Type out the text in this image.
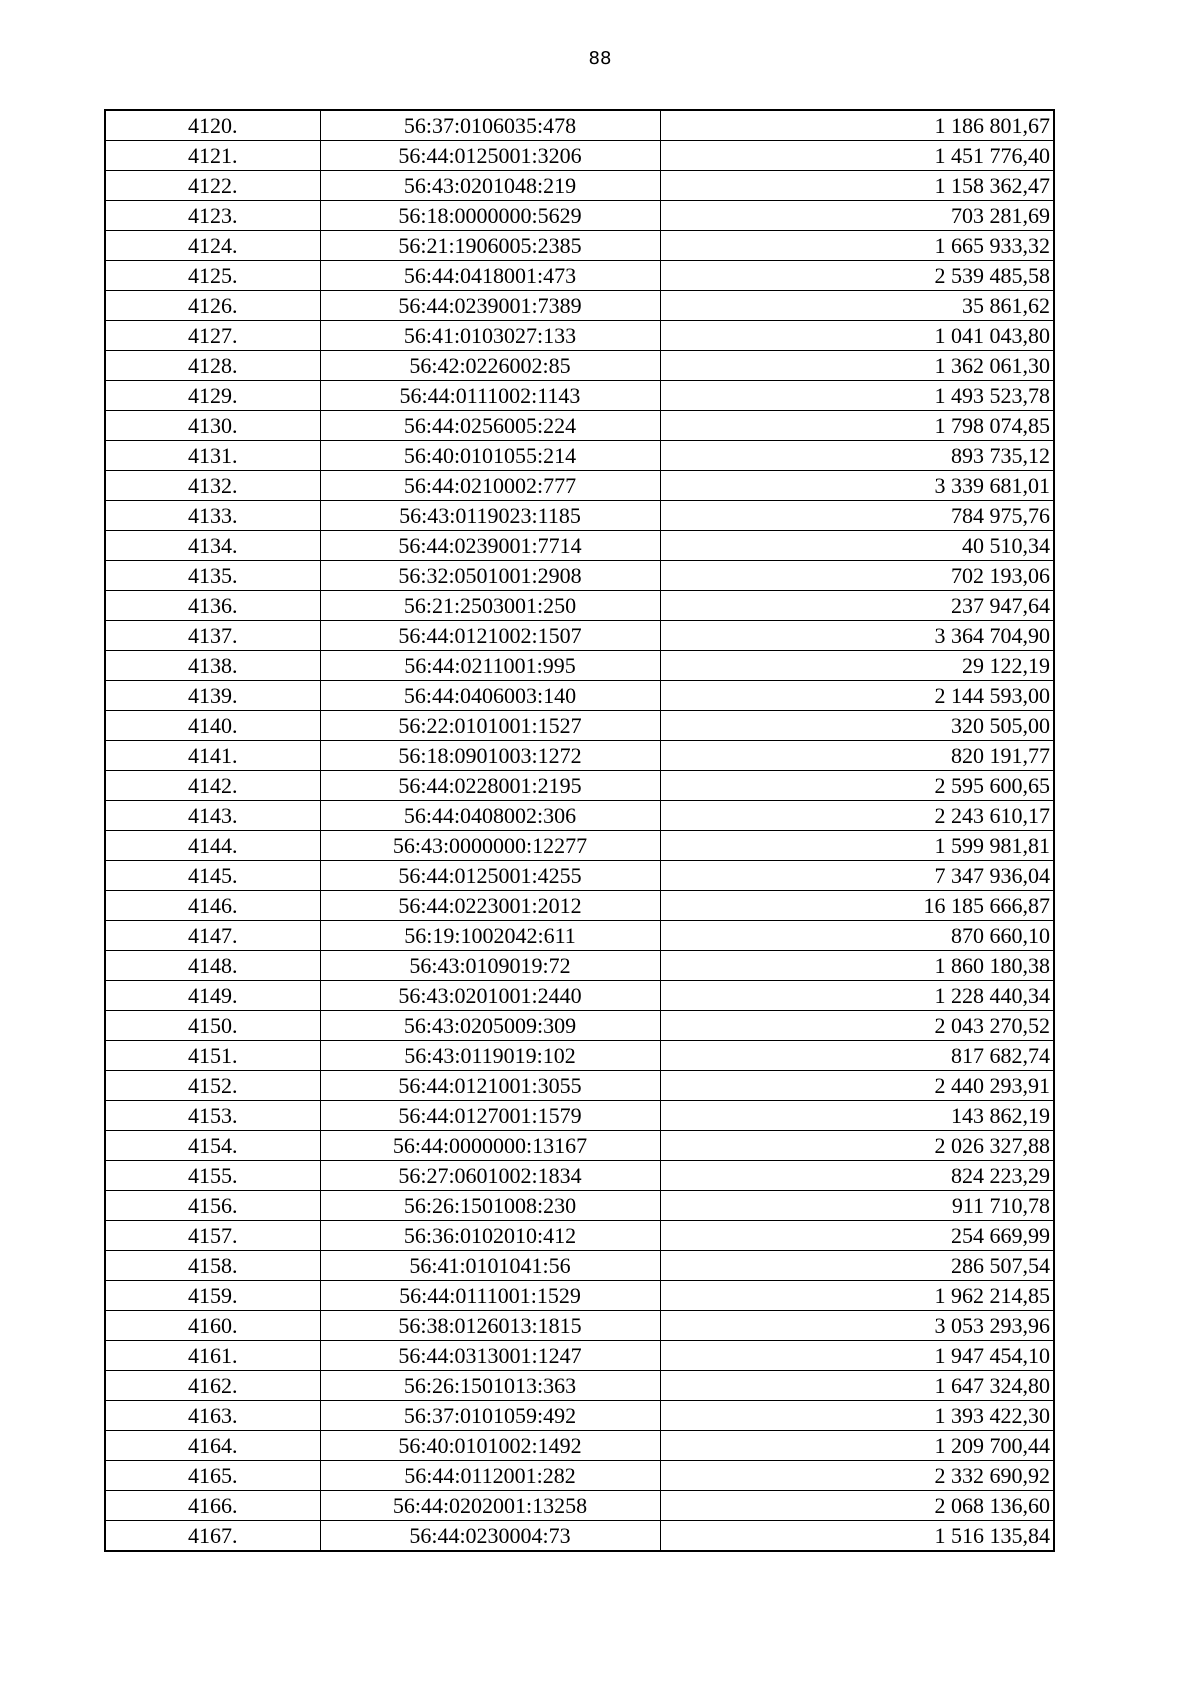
88
4120.	56:37:0106035:478	1 186 801,67
4121.	56:44:0125001:3206	1 451 776,40
4122.	56:43:0201048:219	1 158 362,47
4123.	56:18:0000000:5629	703 281,69
4124.	56:21:1906005:2385	1 665 933,32
4125.	56:44:0418001:473	2 539 485,58
4126.	56:44:0239001:7389	35 861,62
4127.	56:41:0103027:133	1 041 043,80
4128.	56:42:0226002:85	1 362 061,30
4129.	56:44:0111002:1143	1 493 523,78
4130.	56:44:0256005:224	1 798 074,85
4131.	56:40:0101055:214	893 735,12
4132.	56:44:0210002:777	3 339 681,01
4133.	56:43:0119023:1185	784 975,76
4134.	56:44:0239001:7714	40 510,34
4135.	56:32:0501001:2908	702 193,06
4136.	56:21:2503001:250	237 947,64
4137.	56:44:0121002:1507	3 364 704,90
4138.	56:44:0211001:995	29 122,19
4139.	56:44:0406003:140	2 144 593,00
4140.	56:22:0101001:1527	320 505,00
4141.	56:18:0901003:1272	820 191,77
4142.	56:44:0228001:2195	2 595 600,65
4143.	56:44:0408002:306	2 243 610,17
4144.	56:43:0000000:12277	1 599 981,81
4145.	56:44:0125001:4255	7 347 936,04
4146.	56:44:0223001:2012	16 185 666,87
4147.	56:19:1002042:611	870 660,10
4148.	56:43:0109019:72	1 860 180,38
4149.	56:43:0201001:2440	1 228 440,34
4150.	56:43:0205009:309	2 043 270,52
4151.	56:43:0119019:102	817 682,74
4152.	56:44:0121001:3055	2 440 293,91
4153.	56:44:0127001:1579	143 862,19
4154.	56:44:0000000:13167	2 026 327,88
4155.	56:27:0601002:1834	824 223,29
4156.	56:26:1501008:230	911 710,78
4157.	56:36:0102010:412	254 669,99
4158.	56:41:0101041:56	286 507,54
4159.	56:44:0111001:1529	1 962 214,85
4160.	56:38:0126013:1815	3 053 293,96
4161.	56:44:0313001:1247	1 947 454,10
4162.	56:26:1501013:363	1 647 324,80
4163.	56:37:0101059:492	1 393 422,30
4164.	56:40:0101002:1492	1 209 700,44
4165.	56:44:0112001:282	2 332 690,92
4166.	56:44:0202001:13258	2 068 136,60
4167.	56:44:0230004:73	1 516 135,84
